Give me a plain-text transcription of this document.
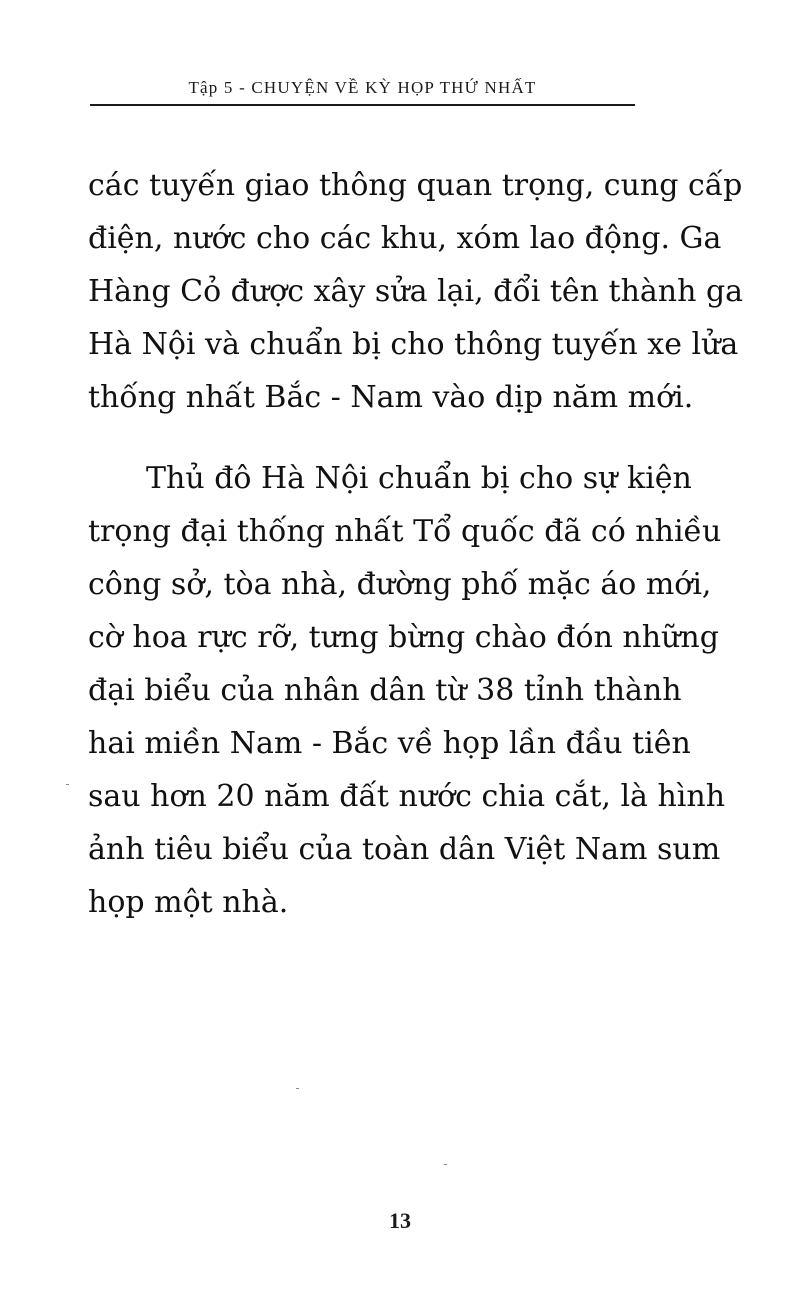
Tập 5 - CHUYỆN VỀ KỲ HỌP THỨ NHẤT
các tuyến giao thông quan trọng, cung cấp
điện, nước cho các khu, xóm lao động. Ga
Hàng Cỏ được xây sửa lại, đổi tên thành ga
Hà Nội và chuẩn bị cho thông tuyến xe lửa
thống nhất Bắc - Nam vào dịp năm mới.
Thủ đô Hà Nội chuẩn bị cho sự kiện
trọng đại thống nhất Tổ quốc đã có nhiều
công sở, tòa nhà, đường phố mặc áo mới,
cờ hoa rực rỡ, tưng bừng chào đón những
đại biểu của nhân dân từ 38 tỉnh thành
hai miền Nam - Bắc về họp lần đầu tiên
sau hơn 20 năm đất nước chia cắt, là hình
ảnh tiêu biểu của toàn dân Việt Nam sum
họp một nhà.
13
